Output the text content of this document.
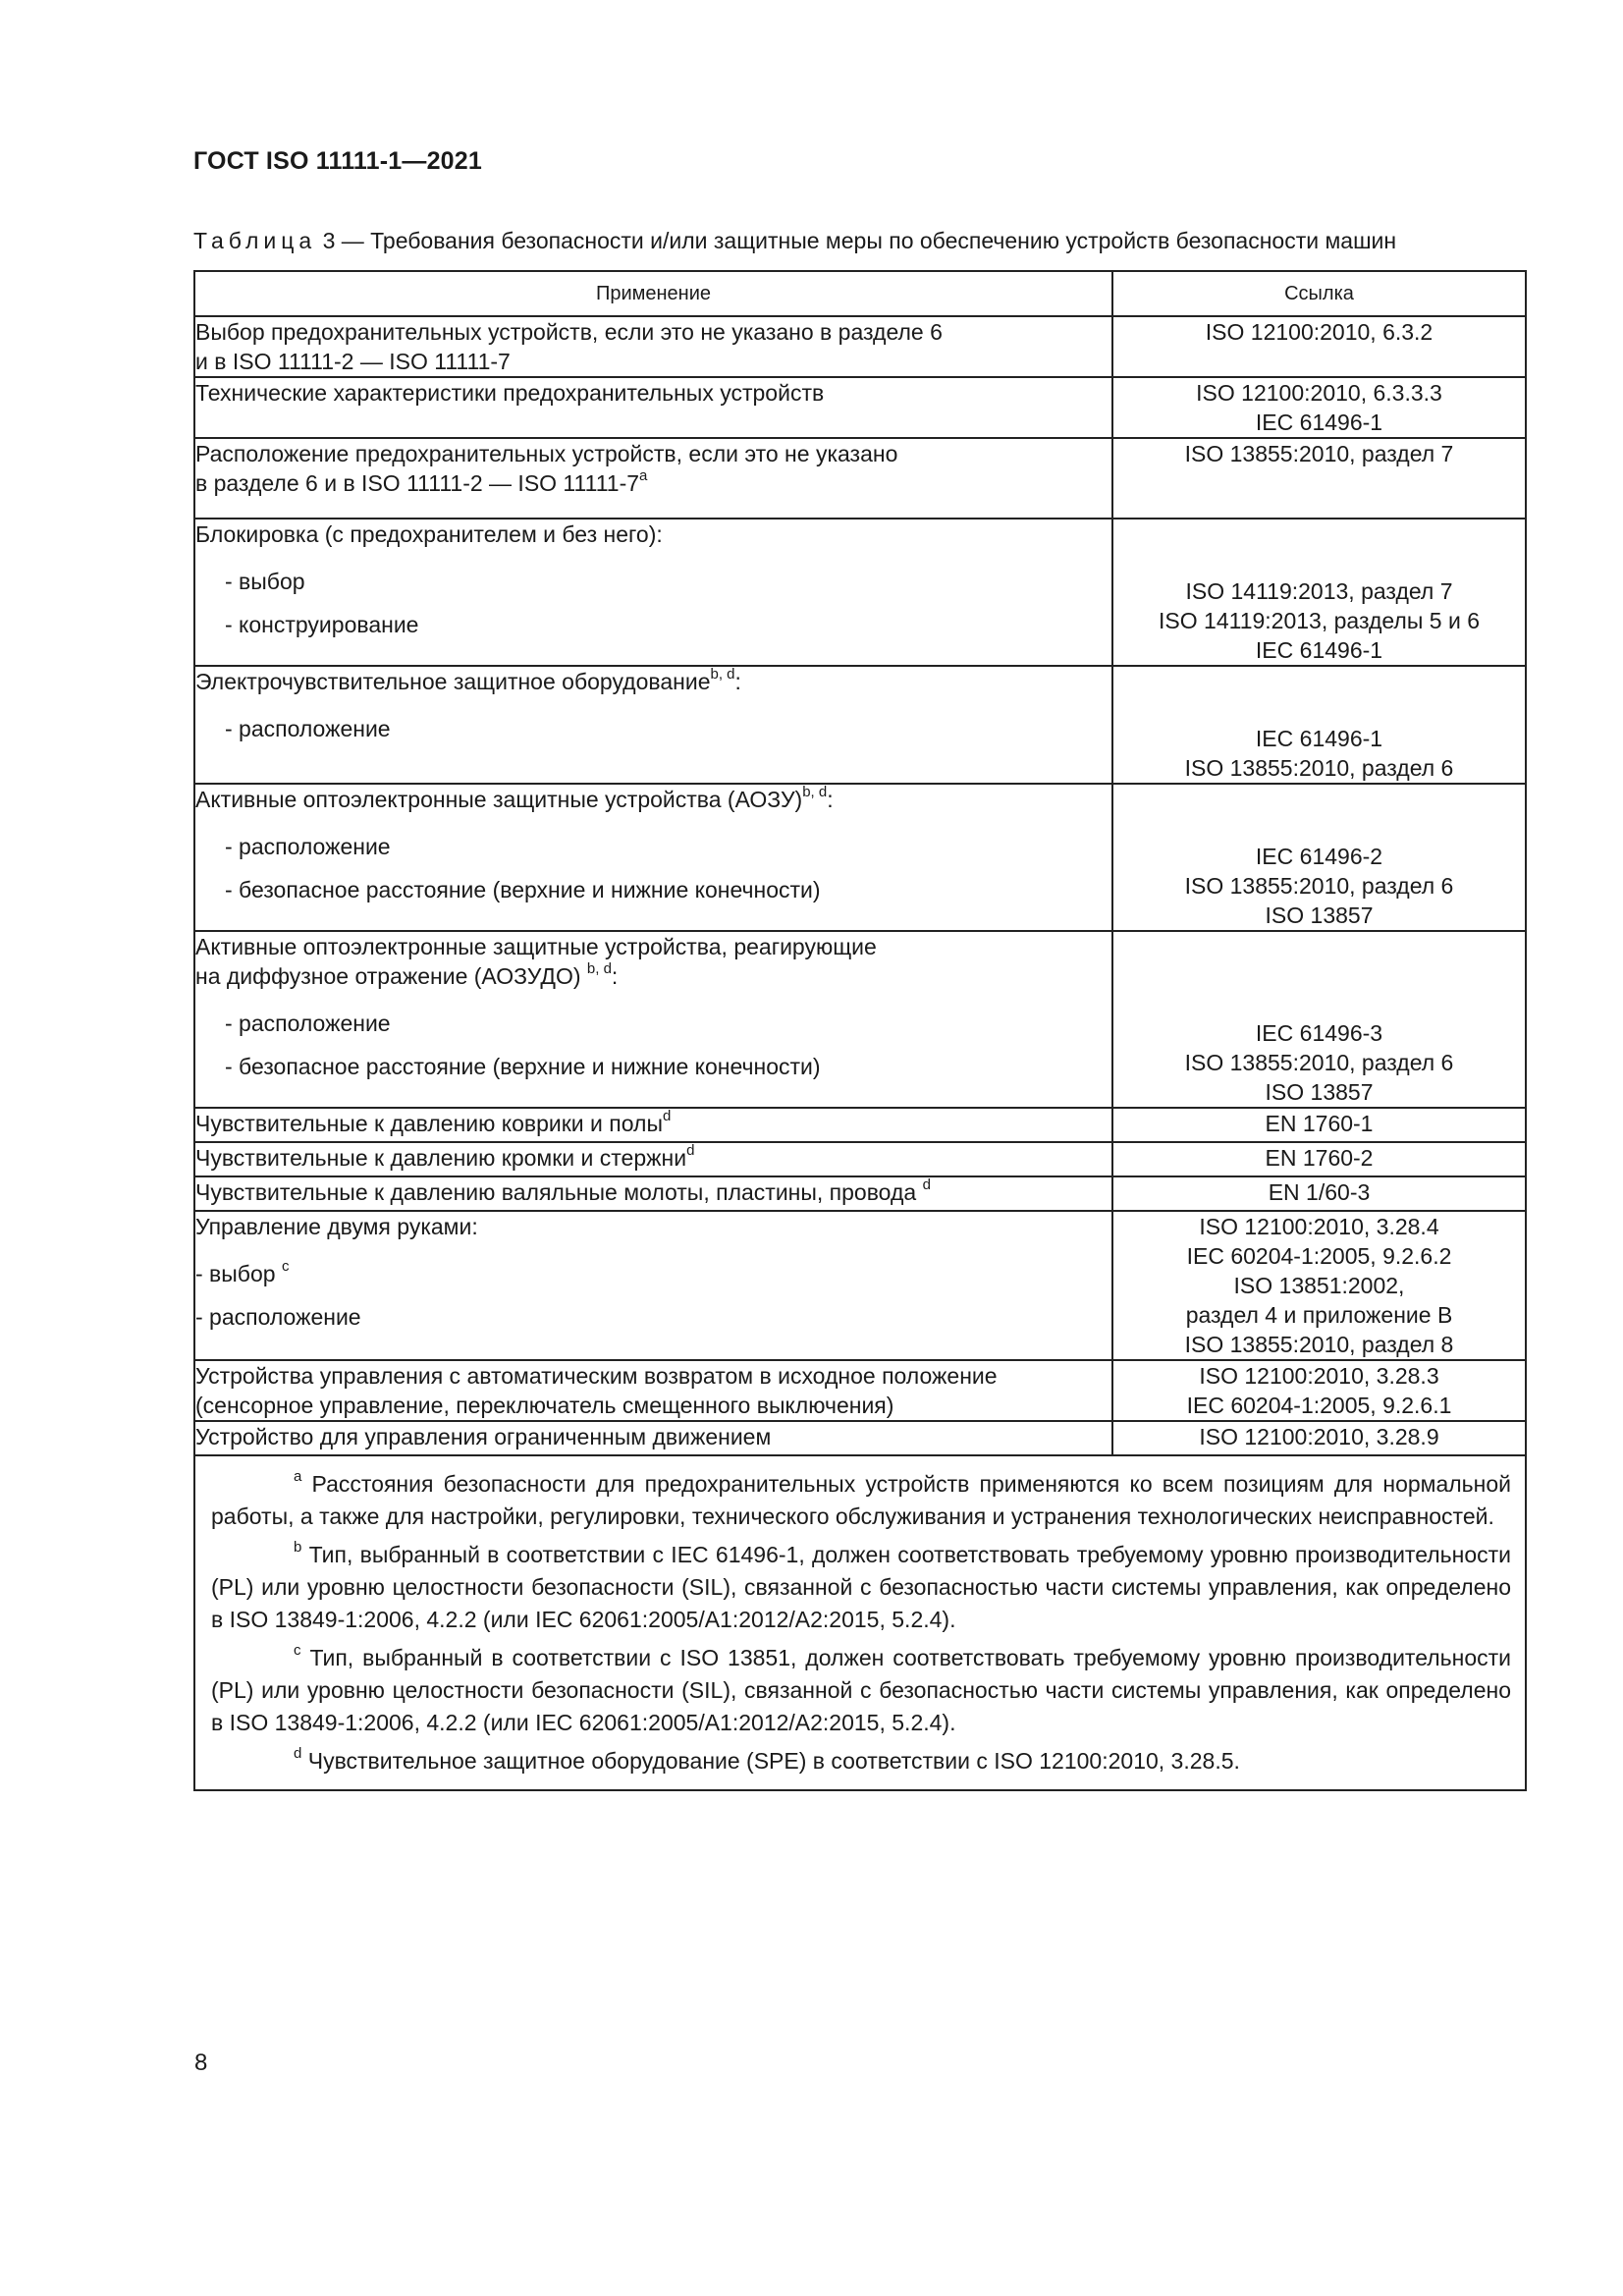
ГОСТ ISO 11111-1—2021
Таблица 3 — Требования безопасности и/или защитные меры по обеспечению устройств безопасности машин
Применение	Ссылка

Выбор предохранительных устройств, если это не указано в разделе 6
и в ISO 11111-2 — ISO 11111-7	ISO 12100:2010, 6.3.2

Технические характеристики предохранительных устройств	ISO 12100:2010, 6.3.3.3
IEC 61496-1

Расположение предохранительных устройств, если это не указано
в разделе 6 и в ISO 11111-2 — ISO 11111-7$^a$	ISO 13855:2010, раздел 7

Блокировка (с предохранителем и без него):
- выбор
- конструирование	ISO 14119:2013, раздел 7
ISO 14119:2013, разделы 5 и 6
IEC 61496-1

Электрочувствительное защитное оборудование$^{b, d}$:
- расположение	IEC 61496-1
ISO 13855:2010, раздел 6

Активные оптоэлектронные защитные устройства (АОЗУ)$^{b, d}$:
- расположение
- безопасное расстояние (верхние и нижние конечности)	IEC 61496-2
ISO 13855:2010, раздел 6
ISO 13857

Активные оптоэлектронные защитные устройства, реагирующие
на диффузное отражение (АОЗУДО) $^{b, d}$:
- расположение
- безопасное расстояние (верхние и нижние конечности)	IEC 61496-3
ISO 13855:2010, раздел 6
ISO 13857

Чувствительные к давлению коврики и полы$^d$	EN 1760-1

Чувствительные к давлению кромки и стержни$^d$	EN 1760-2

Чувствительные к давлению валяльные молоты, пластины, провода $^d$	EN 1/60-3

Управление двумя руками:
- выбор $^c$
- расположение	ISO 12100:2010, 3.28.4
IEC 60204-1:2005, 9.2.6.2
ISO 13851:2002,
раздел 4 и приложение В
ISO 13855:2010, раздел 8

Устройства управления с автоматическим возвратом в исходное положение
(сенсорное управление, переключатель смещенного выключения)	ISO 12100:2010, 3.28.3
IEC 60204-1:2005, 9.2.6.1

Устройство для управления ограниченным движением	ISO 12100:2010, 3.28.9

$^a$ Расстояния безопасности для предохранительных устройств применяются ко всем позициям для нормальной работы, а также для настройки, регулировки, технического обслуживания и устранения технологических неисправностей.

$^b$ Тип, выбранный в соответствии с IEC 61496-1, должен соответствовать требуемому уровню производительности (PL) или уровню целостности безопасности (SIL), связанной с безопасностью части системы управления, как определено в ISO 13849-1:2006, 4.2.2 (или IEC 62061:2005/A1:2012/A2:2015, 5.2.4).

$^c$ Тип, выбранный в соответствии с ISO 13851, должен соответствовать требуемому уровню производительности (PL) или уровню целостности безопасности (SIL), связанной с безопасностью части системы управления, как определено в ISO 13849-1:2006, 4.2.2 (или IEC 62061:2005/A1:2012/A2:2015, 5.2.4).

$^d$ Чувствительное защитное оборудование (SPE) в соответствии с ISO 12100:2010, 3.28.5.	

8
